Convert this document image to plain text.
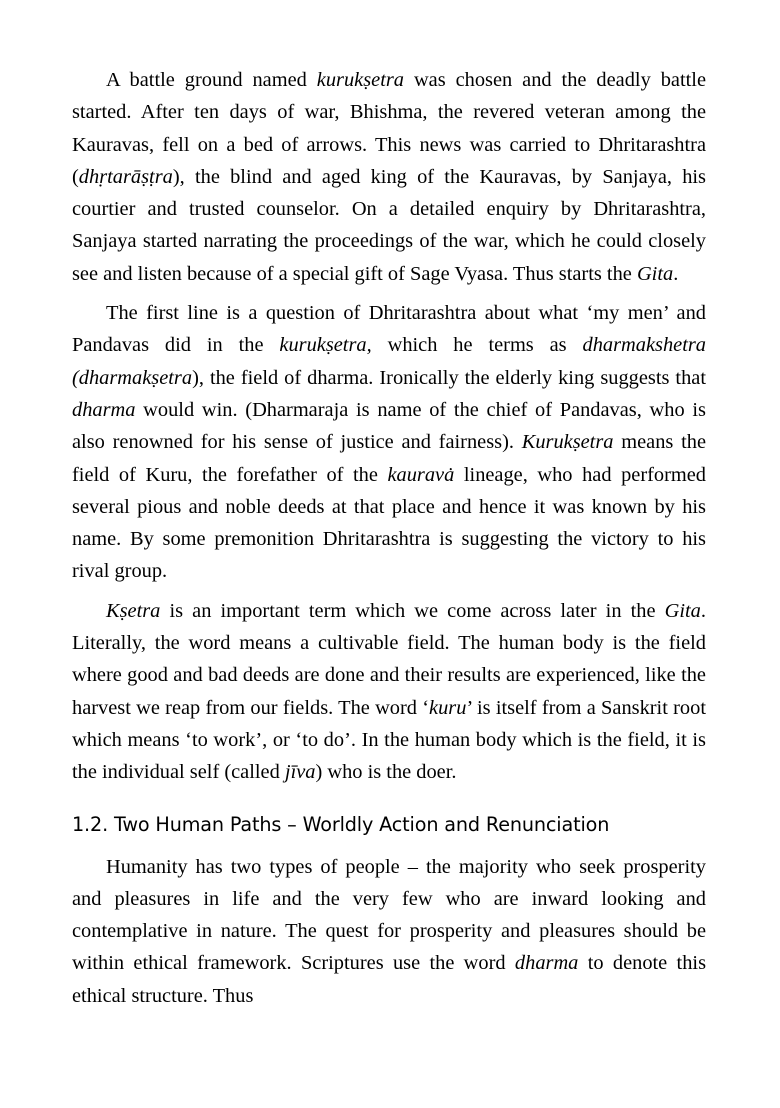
A battle ground named kurukṣetra was chosen and the deadly battle started. After ten days of war, Bhishma, the revered veteran among the Kauravas, fell on a bed of arrows. This news was carried to Dhritarashtra (dhṛtarāṣṭra), the blind and aged king of the Kauravas, by Sanjaya, his courtier and trusted counselor. On a detailed enquiry by Dhritarashtra, Sanjaya started narrating the proceedings of the war, which he could closely see and listen because of a special gift of Sage Vyasa. Thus starts the Gita.

The first line is a question of Dhritarashtra about what ‘my men’ and Pandavas did in the kurukṣetra, which he terms as dharmakshetra (dharmakṣetra), the field of dharma. Ironically the elderly king suggests that dharma would win. (Dharmaraja is name of the chief of Pandavas, who is also renowned for his sense of justice and fairness). Kurukṣetra means the field of Kuru, the forefather of the kauravȧ lineage, who had performed several pious and noble deeds at that place and hence it was known by his name. By some premonition Dhritarashtra is suggesting the victory to his rival group.

Kṣetra is an important term which we come across later in the Gita. Literally, the word means a cultivable field. The human body is the field where good and bad deeds are done and their results are experienced, like the harvest we reap from our fields. The word ‘kuru’ is itself from a Sanskrit root which means ‘to work’, or ‘to do’. In the human body which is the field, it is the individual self (called jīva) who is the doer.

1.2. Two Human Paths – Worldly Action and Renunciation

Humanity has two types of people – the majority who seek prosperity and pleasures in life and the very few who are inward looking and contemplative in nature. The quest for prosperity and pleasures should be within ethical framework. Scriptures use the word dharma to denote this ethical structure. Thus
